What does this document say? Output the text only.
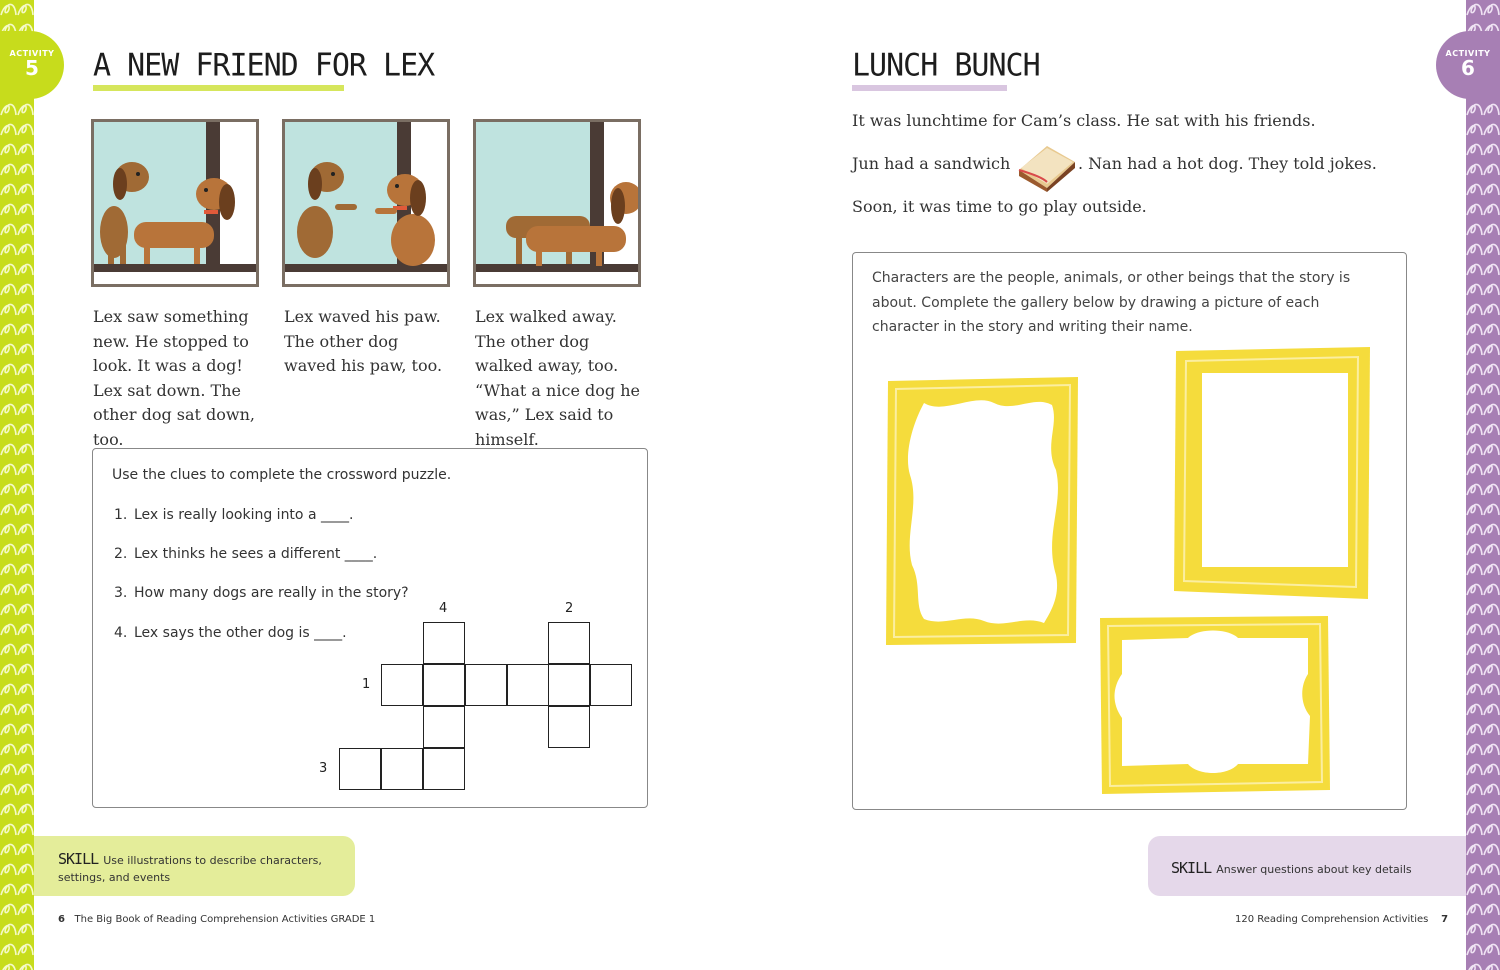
ACTIVITY
5
ACTIVITY
6
A NEW FRIEND FOR LEX
Lex saw something new. He stopped to look. It was a dog! Lex sat down. The other dog sat down, too.
Lex waved his paw. The other dog waved his paw, too.
Lex walked away. The other dog walked away, too. “What a nice dog he was,” Lex said to himself.
Use the clues to complete the crossword puzzle.
1. Lex is really looking into a ____.
2. Lex thinks he sees a different ____.
3. How many dogs are really in the story?
4. Lex says the other dog is ____.
4	2
1
3
SKILL Use illustrations to describe characters,
settings, and events
6 The Big Book of Reading Comprehension Activities GRADE 1
LUNCH BUNCH
It was lunchtime for Cam’s class. He sat with his friends.
Jun had a sandwich	. Nan had a hot dog. They told jokes.
Soon, it was time to go play outside.
Characters are the people, animals, or other beings that the story is about. Complete the gallery below by drawing a picture of each character in the story and writing their name.
SKILL Answer questions about key details
120 Reading Comprehension Activities 7
